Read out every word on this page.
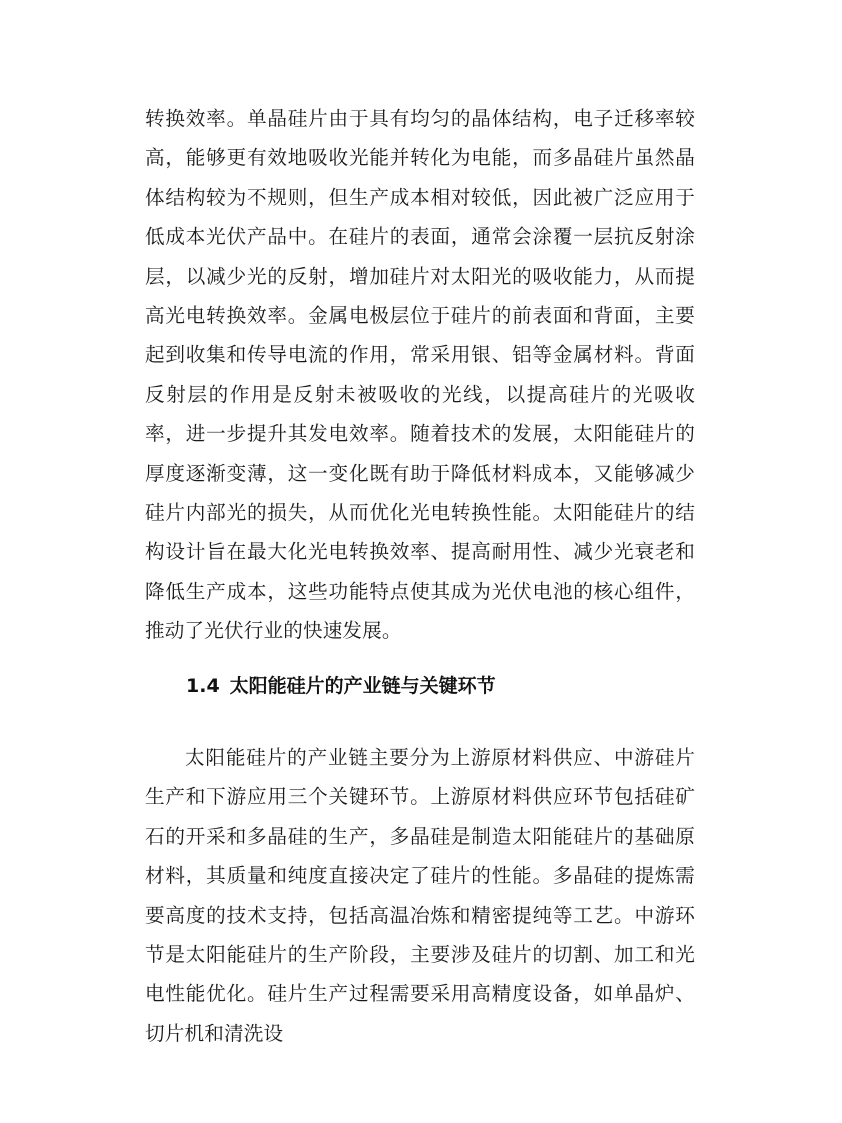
转换效率。单晶硅片由于具有均匀的晶体结构，电子迁移率较高，能够更有效地吸收光能并转化为电能，而多晶硅片虽然晶体结构较为不规则，但生产成本相对较低，因此被广泛应用于低成本光伏产品中。在硅片的表面，通常会涂覆一层抗反射涂层，以减少光的反射，增加硅片对太阳光的吸收能力，从而提高光电转换效率。金属电极层位于硅片的前表面和背面，主要起到收集和传导电流的作用，常采用银、铝等金属材料。背面反射层的作用是反射未被吸收的光线，以提高硅片的光吸收率，进一步提升其发电效率。随着技术的发展，太阳能硅片的厚度逐渐变薄，这一变化既有助于降低材料成本，又能够减少硅片内部光的损失，从而优化光电转换性能。太阳能硅片的结构设计旨在最大化光电转换效率、提高耐用性、减少光衰老和降低生产成本，这些功能特点使其成为光伏电池的核心组件，推动了光伏行业的快速发展。

1.4 太阳能硅片的产业链与关键环节

太阳能硅片的产业链主要分为上游原材料供应、中游硅片生产和下游应用三个关键环节。上游原材料供应环节包括硅矿石的开采和多晶硅的生产，多晶硅是制造太阳能硅片的基础原材料，其质量和纯度直接决定了硅片的性能。多晶硅的提炼需要高度的技术支持，包括高温冶炼和精密提纯等工艺。中游环节是太阳能硅片的生产阶段，主要涉及硅片的切割、加工和光电性能优化。硅片生产过程需要采用高精度设备，如单晶炉、切片机和清洗设
